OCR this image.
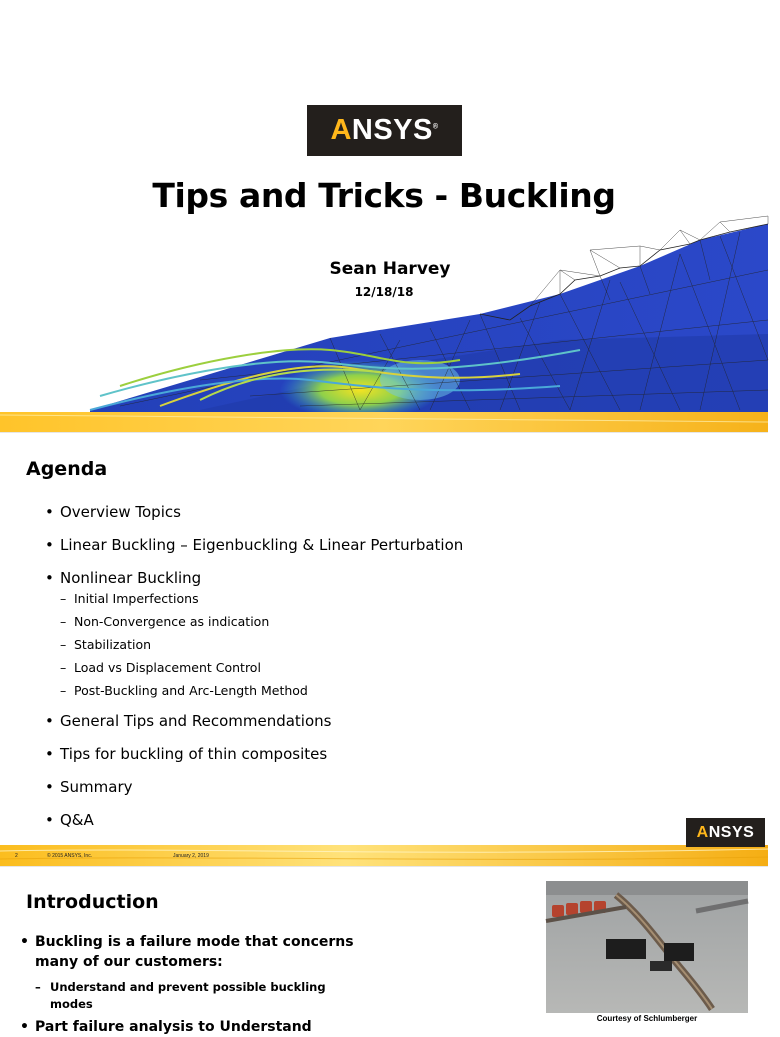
ANSYS®
Tips and Tricks - Buckling
Sean Harvey
12/18/18
Agenda
• Overview Topics
• Linear Buckling – Eigenbuckling & Linear Perturbation
• Nonlinear Buckling
– Initial Imperfections
– Non-Convergence as indication
– Stabilization
– Load vs Displacement Control
– Post-Buckling and Arc-Length Method
• General Tips and Recommendations
• Tips for buckling of thin composites
• Summary
• Q&A
2	© 2015 ANSYS, Inc.	January 2, 2019
ANSYS
Introduction
• Buckling is a failure mode that concerns many of our customers:
– Understand and prevent possible buckling modes
• Part failure analysis to Understand
Courtesy of Schlumberger
